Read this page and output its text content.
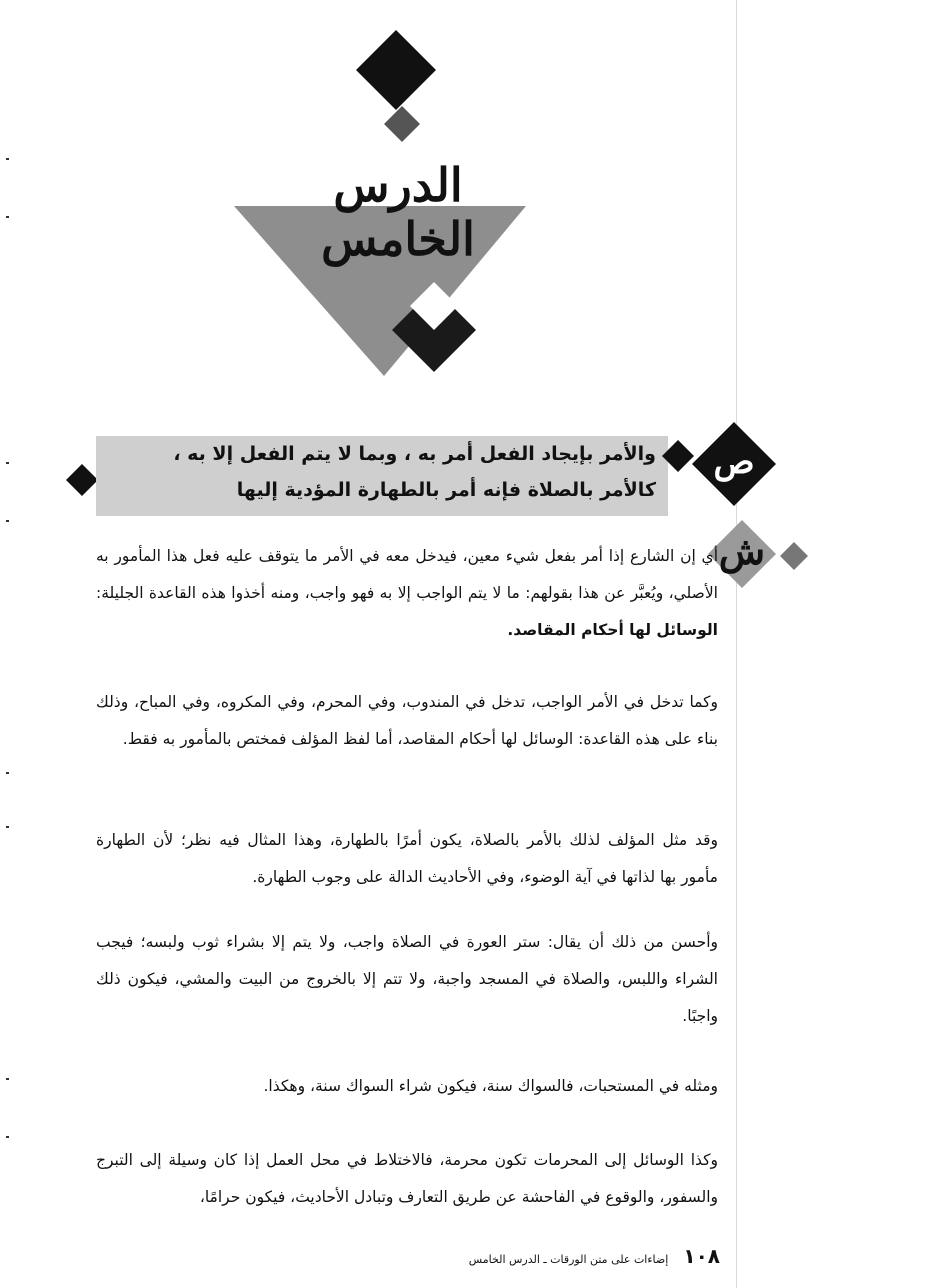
الدرس الخامس
والأمر بإيجاد الفعل أمر به ، وبما لا يتم الفعل إلا به ،
كالأمر بالصلاة فإنه أمر بالطهارة المؤدية إليها
ص
ش
أي إن الشارع إذا أمر بفعل شيء معين، فيدخل معه في الأمر ما يتوقف عليه فعل هذا المأمور به الأصلي، ويُعبَّر عن هذا بقولهم: ما لا يتم الواجب إلا به فهو واجب، ومنه أخذوا هذه القاعدة الجليلة: الوسائل لها أحكام المقاصد.
وكما تدخل في الأمر الواجب، تدخل في المندوب، وفي المحرم، وفي المكروه، وفي المباح، وذلك بناء على هذه القاعدة: الوسائل لها أحكام المقاصد، أما لفظ المؤلف فمختص بالمأمور به فقط.
وقد مثل المؤلف لذلك بالأمر بالصلاة، يكون أمرًا بالطهارة، وهذا المثال فيه نظر؛ لأن الطهارة مأمور بها لذاتها في آية الوضوء، وفي الأحاديث الدالة على وجوب الطهارة.
وأحسن من ذلك أن يقال: ستر العورة في الصلاة واجب، ولا يتم إلا بشراء ثوب ولبسه؛ فيجب الشراء واللبس، والصلاة في المسجد واجبة، ولا تتم إلا بالخروج من البيت والمشي، فيكون ذلك واجبًا.
ومثله في المستحبات، فالسواك سنة، فيكون شراء السواك سنة، وهكذا.
وكذا الوسائل إلى المحرمات تكون محرمة، فالاختلاط في محل العمل إذا كان وسيلة إلى التبرج والسفور، والوقوع في الفاحشة عن طريق التعارف وتبادل الأحاديث، فيكون حرامًا،
١٠٨ إضاءات على متن الورقات ـ الدرس الخامس
